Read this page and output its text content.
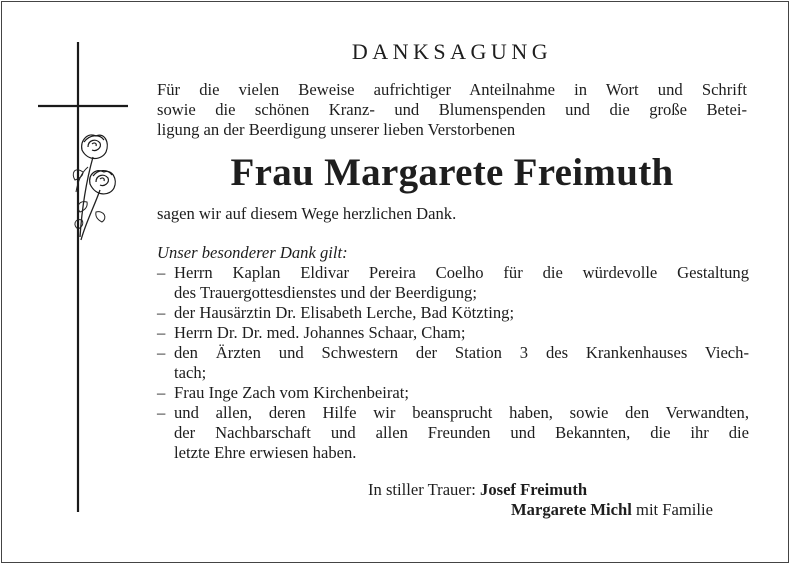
DANKSAGUNG
Für die vielen Beweise aufrichtiger Anteilnahme in Wort und Schrift
sowie die schönen Kranz- und Blumenspenden und die große Betei-
ligung an der Beerdigung unserer lieben Verstorbenen
Frau Margarete Freimuth
sagen wir auf diesem Wege herzlichen Dank.
Unser besonderer Dank gilt:
– Herrn Kaplan Eldivar Pereira Coelho für die würdevolle Gestaltung
des Trauergottesdienstes und der Beerdigung;
– der Hausärztin Dr. Elisabeth Lerche, Bad Kötzting;
– Herrn Dr. Dr. med. Johannes Schaar, Cham;
– den Ärzten und Schwestern der Station 3 des Krankenhauses Viech-
tach;
– Frau Inge Zach vom Kirchenbeirat;
– und allen, deren Hilfe wir beansprucht haben, sowie den Verwandten,
der Nachbarschaft und allen Freunden und Bekannten, die ihr die
letzte Ehre erwiesen haben.
In stiller Trauer: Josef Freimuth
Margarete Michl mit Familie
